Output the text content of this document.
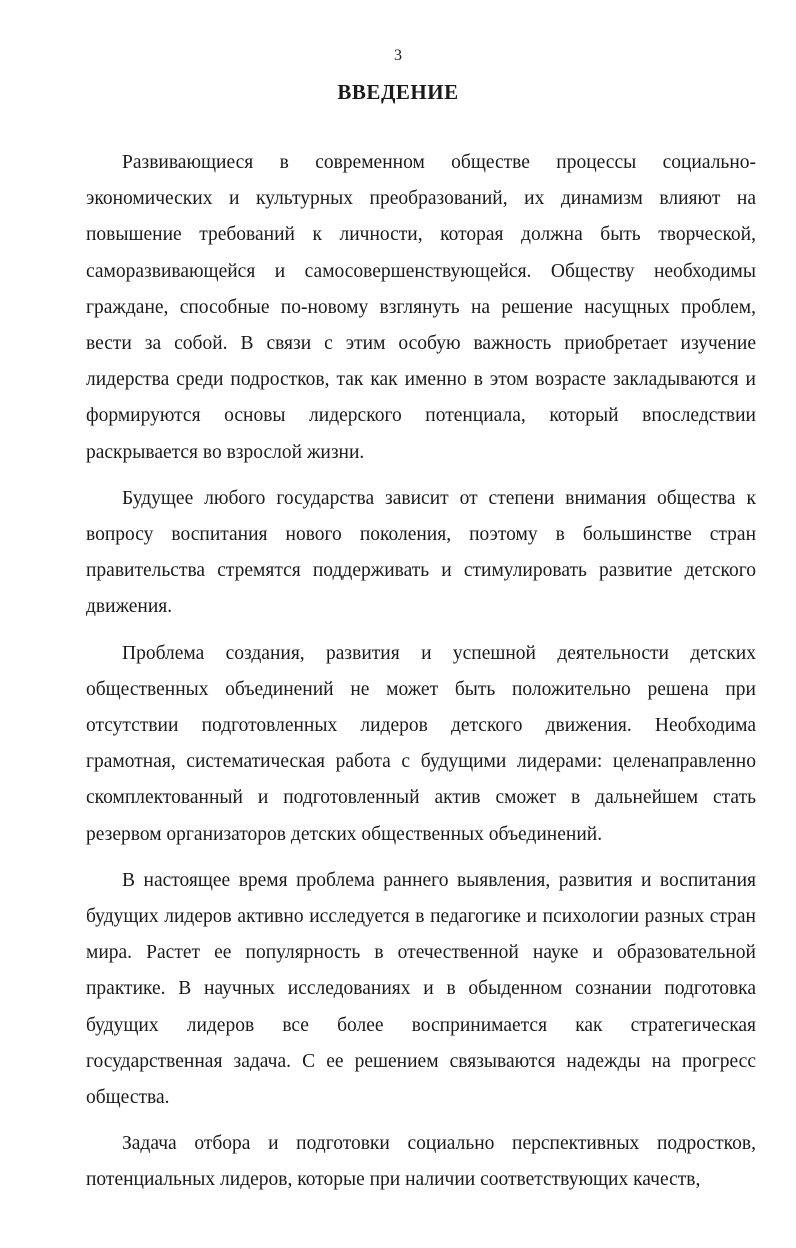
3
ВВЕДЕНИЕ

Развивающиеся в современном обществе процессы социально-экономических и культурных преобразований, их динамизм влияют на повышение требований к личности, которая должна быть творческой, саморазвивающейся и самосовершенствующейся. Обществу необходимы граждане, способные по-новому взглянуть на решение насущных проблем, вести за собой. В связи с этим особую важность приобретает изучение лидерства среди подростков, так как именно в этом возрасте закладываются и формируются основы лидерского потенциала, который впоследствии раскрывается во взрослой жизни.

Будущее любого государства зависит от степени внимания общества к вопросу воспитания нового поколения, поэтому в большинстве стран правительства стремятся поддерживать и стимулировать развитие детского движения.

Проблема создания, развития и успешной деятельности детских общественных объединений не может быть положительно решена при отсутствии подготовленных лидеров детского движения. Необходима грамотная, систематическая работа с будущими лидерами: целенаправленно скомплектованный и подготовленный актив сможет в дальнейшем стать резервом организаторов детских общественных объединений.

В настоящее время проблема раннего выявления, развития и воспитания будущих лидеров активно исследуется в педагогике и психологии разных стран мира. Растет ее популярность в отечественной науке и образовательной практике. В научных исследованиях и в обыденном сознании подготовка будущих лидеров все более воспринимается как стратегическая государственная задача. С ее решением связываются надежды на прогресс общества.

Задача отбора и подготовки социально перспективных подростков, потенциальных лидеров, которые при наличии соответствующих качеств,
